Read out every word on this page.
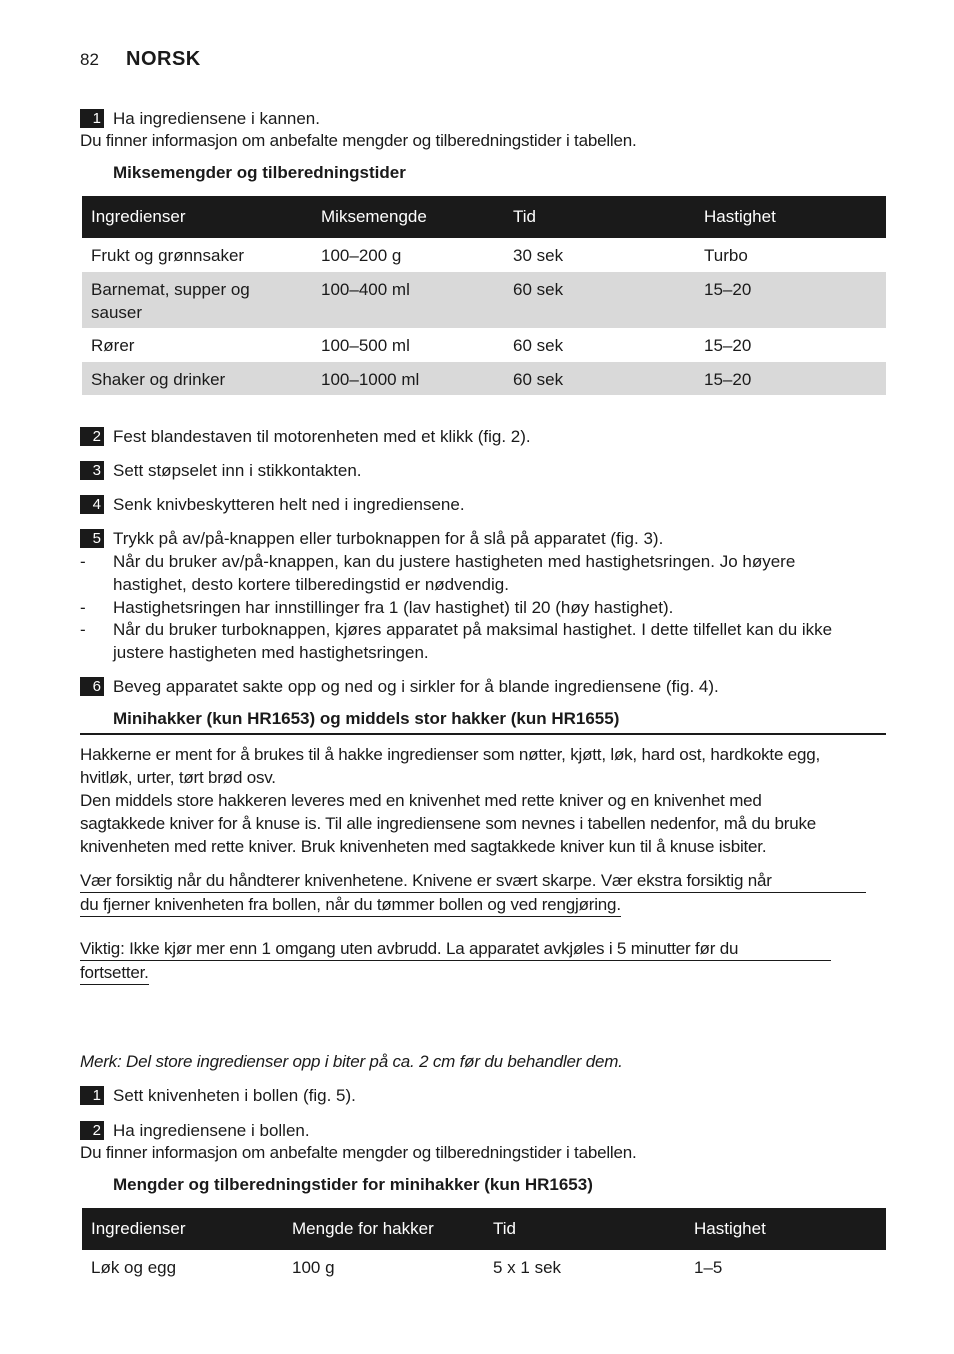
82 NORSK
1 Ha ingrediensene i kannen.
Du finner informasjon om anbefalte mengder og tilberedningstider i tabellen.
Miksemengder og tilberedningstider
Ingredienser	Miksemengde	Tid	Hastighet
Frukt og grønnsaker	100–200 g	30 sek	Turbo
Barnemat, supper og
sauser	100–400 ml	60 sek	15–20
Rører	100–500 ml	60 sek	15–20
Shaker og drinker	100–1000 ml	60 sek	15–20
2 Fest blandestaven til motorenheten med et klikk (fig. 2).
3 Sett støpselet inn i stikkontakten.
4 Senk knivbeskytteren helt ned i ingrediensene.
5 Trykk på av/på-knappen eller turboknappen for å slå på apparatet (fig. 3).
-	Når du bruker av/på-knappen, kan du justere hastigheten med hastighetsringen. Jo høyere
hastighet, desto kortere tilberedingstid er nødvendig.
-	Hastighetsringen har innstillinger fra 1 (lav hastighet) til 20 (høy hastighet).
-	Når du bruker turboknappen, kjøres apparatet på maksimal hastighet. I dette tilfellet kan du ikke
justere hastigheten med hastighetsringen.
6 Beveg apparatet sakte opp og ned og i sirkler for å blande ingrediensene (fig. 4).
Minihakker (kun HR1653) og middels stor hakker (kun HR1655)
Hakkerne er ment for å brukes til å hakke ingredienser som nøtter, kjøtt, løk, hard ost, hardkokte egg,
hvitløk, urter, tørt brød osv.
Den middels store hakkeren leveres med en knivenhet med rette kniver og en knivenhet med
sagtakkede kniver for å knuse is. Til alle ingrediensene som nevnes i tabellen nedenfor, må du bruke
knivenheten med rette kniver. Bruk knivenheten med sagtakkede kniver kun til å knuse isbiter.
Vær forsiktig når du håndterer knivenhetene. Knivene er svært skarpe. Vær ekstra forsiktig når
du fjerner knivenheten fra bollen, når du tømmer bollen og ved rengjøring.
Viktig: Ikke kjør mer enn 1 omgang uten avbrudd. La apparatet avkjøles i 5 minutter før du
fortsetter.
Merk: Del store ingredienser opp i biter på ca. 2 cm før du behandler dem.
1 Sett knivenheten i bollen (fig. 5).
2 Ha ingrediensene i bollen.
Du finner informasjon om anbefalte mengder og tilberedningstider i tabellen.
Mengder og tilberedningstider for minihakker (kun HR1653)
Ingredienser	Mengde for hakker	Tid	Hastighet
Løk og egg	100 g	5 x 1 sek	1–5
